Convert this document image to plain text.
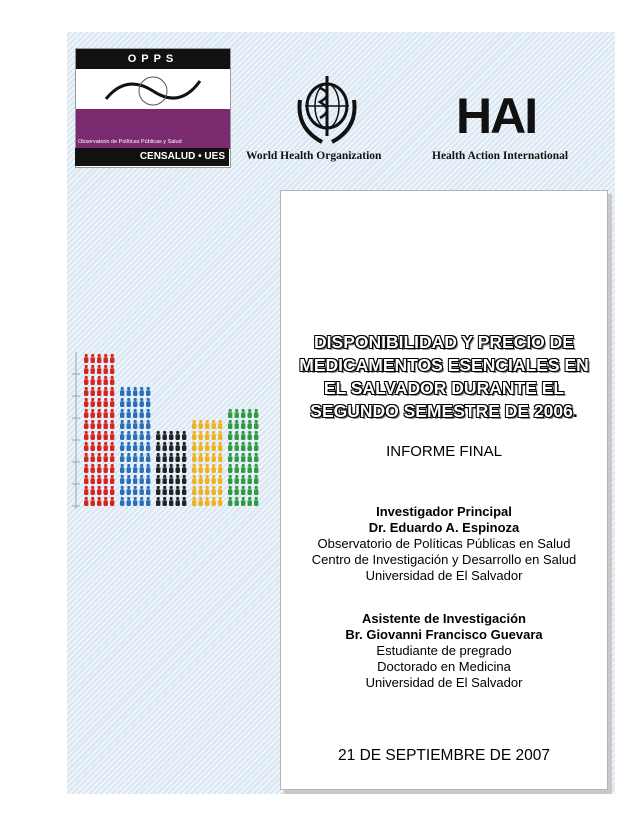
OPPS
Observatorio de Políticas Públicas y Salud
CENSALUD • UES	World Health Organization
HAI
Health Action International
DISPONIBILIDAD Y PRECIO DE
MEDICAMENTOS ESENCIALES EN
EL SALVADOR DURANTE EL
SEGUNDO SEMESTRE DE 2006.
INFORME FINAL
Investigador Principal
Dr. Eduardo A. Espinoza
Observatorio de Políticas Públicas en Salud
Centro de Investigación y Desarrollo en Salud
Universidad de El Salvador
Asistente de Investigación
Br. Giovanni Francisco Guevara
Estudiante de pregrado
Doctorado en Medicina
Universidad de El Salvador
21 DE SEPTIEMBRE DE 2007
